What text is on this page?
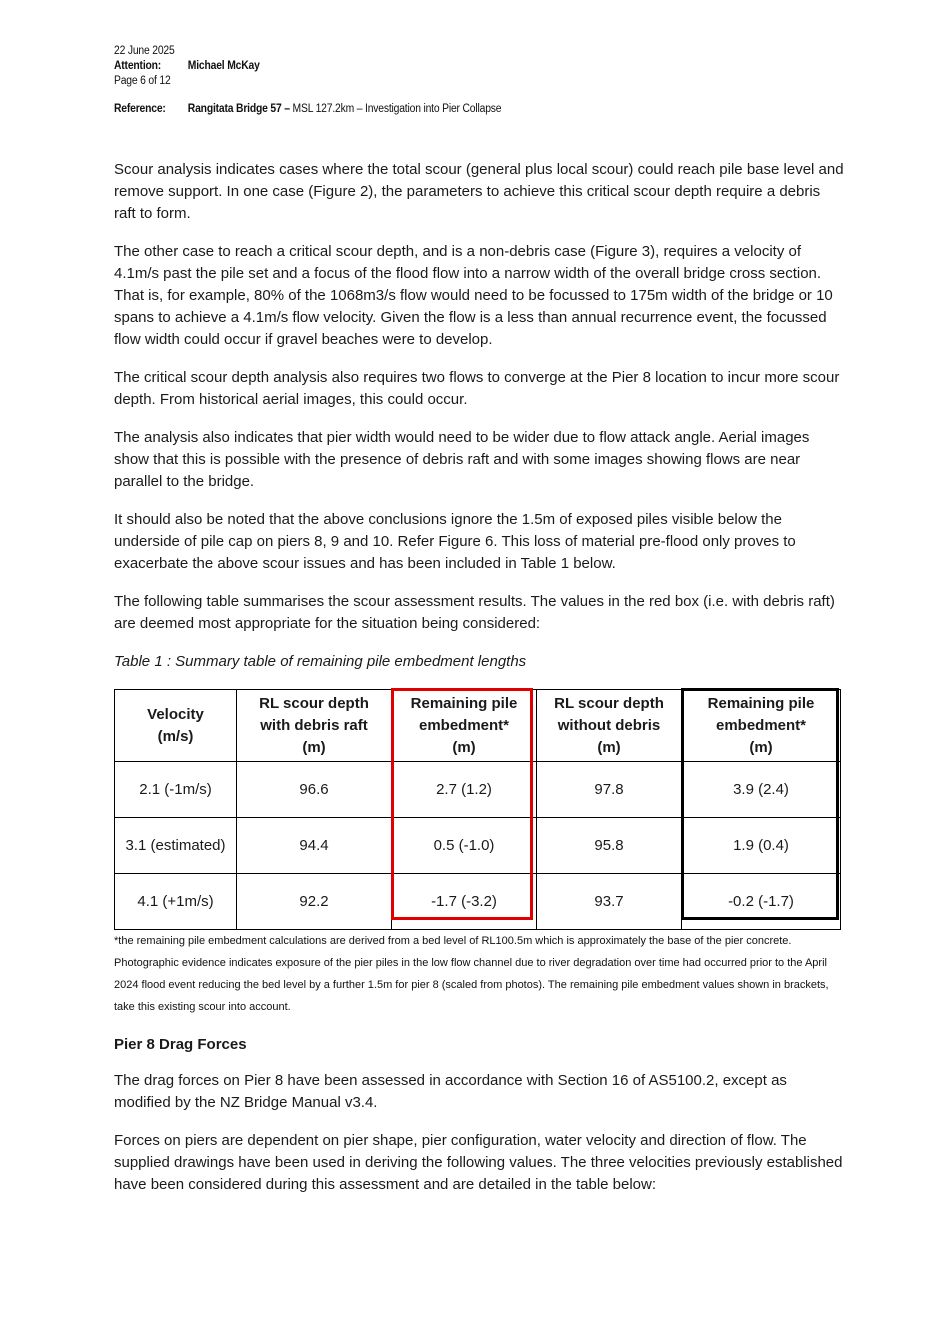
22 June 2025
Attention: Michael McKay
Page 6 of 12
Reference: Rangitata Bridge 57 – MSL 127.2km – Investigation into Pier Collapse

Scour analysis indicates cases where the total scour (general plus local scour) could reach pile base level and remove support. In one case (Figure 2), the parameters to achieve this critical scour depth require a debris raft to form.

The other case to reach a critical scour depth, and is a non-debris case (Figure 3), requires a velocity of 4.1m/s past the pile set and a focus of the flood flow into a narrow width of the overall bridge cross section. That is, for example, 80% of the 1068m3/s flow would need to be focussed to 175m width of the bridge or 10 spans to achieve a 4.1m/s flow velocity. Given the flow is a less than annual recurrence event, the focussed flow width could occur if gravel beaches were to develop.

The critical scour depth analysis also requires two flows to converge at the Pier 8 location to incur more scour depth. From historical aerial images, this could occur.

The analysis also indicates that pier width would need to be wider due to flow attack angle. Aerial images show that this is possible with the presence of debris raft and with some images showing flows are near parallel to the bridge.

It should also be noted that the above conclusions ignore the 1.5m of exposed piles visible below the underside of pile cap on piers 8, 9 and 10. Refer Figure 6. This loss of material pre-flood only proves to exacerbate the above scour issues and has been included in Table 1 below.

The following table summarises the scour assessment results. The values in the red box (i.e. with debris raft) are deemed most appropriate for the situation being considered:

Table 1 : Summary table of remaining pile embedment lengths

Velocity
(m/s)	RL scour depth
with debris raft
(m)	Remaining pile
embedment*
(m)	RL scour depth
without debris
(m)	Remaining pile
embedment*
(m)
2.1 (-1m/s)	96.6	2.7 (1.2)	97.8	3.9 (2.4)
3.1 (estimated)	94.4	0.5 (-1.0)	95.8	1.9 (0.4)
4.1 (+1m/s)	92.2	-1.7 (-3.2)	93.7	-0.2 (-1.7)

*the remaining pile embedment calculations are derived from a bed level of RL100.5m which is approximately the base of the pier concrete. Photographic evidence indicates exposure of the pier piles in the low flow channel due to river degradation over time had occurred prior to the April 2024 flood event reducing the bed level by a further 1.5m for pier 8 (scaled from photos). The remaining pile embedment values shown in brackets, take this existing scour into account.

Pier 8 Drag Forces

The drag forces on Pier 8 have been assessed in accordance with Section 16 of AS5100.2, except as modified by the NZ Bridge Manual v3.4.

Forces on piers are dependent on pier shape, pier configuration, water velocity and direction of flow. The supplied drawings have been used in deriving the following values. The three velocities previously established have been considered during this assessment and are detailed in the table below:
